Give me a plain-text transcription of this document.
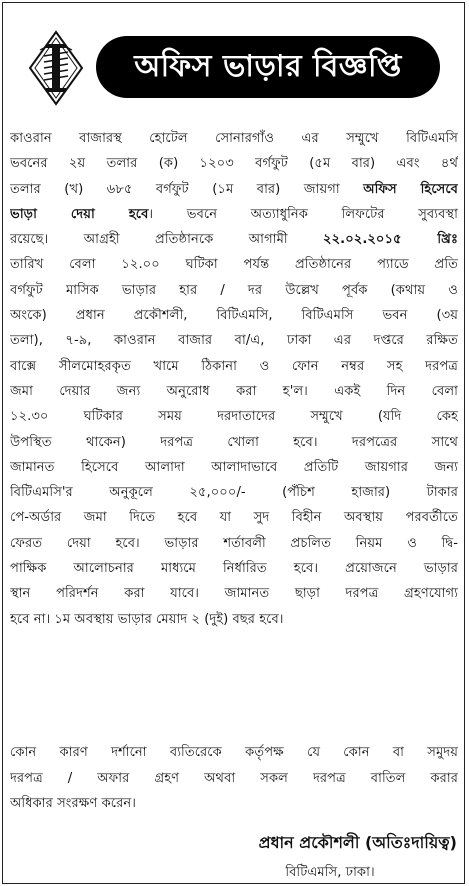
অফিস ভাড়ার বিজ্ঞপ্তি
কাওরান বাজারস্থ হোটেল সোনারগাঁও এর সম্মুখে বিটিএমসি
ভবনের ২য় তলার (ক) ১২০৩ বর্গফুট (৫ম বার) এবং ৪র্থ
তলার (খ) ৬৮৫ বর্গফুট (১ম বার) জায়গা অফিস হিসেবে
ভাড়া দেয়া হবে। ভবনে অত্যাধুনিক লিফটের সুব্যবস্থা
রয়েছে। আগ্রহী প্রতিষ্ঠানকে আগামী ২২.০২.২০১৫ খ্রিঃ
তারিখ বেলা ১২.০০ ঘটিকা পর্যন্ত প্রতিষ্ঠানের প্যাডে প্রতি
বর্গফুট মাসিক ভাড়ার হার / দর উল্লেখ পূর্বক (কথায় ও
অংকে) প্রধান প্রকৌশলী, বিটিএমসি, বিটিএমসি ভবন (৩য়
তলা), ৭-৯, কাওরান বাজার বা/এ, ঢাকা এর দপ্তরে রক্ষিত
বাক্সে সীলমোহরকৃত খামে ঠিকানা ও ফোন নম্বর সহ দরপত্র
জমা দেয়ার জন্য অনুরোধ করা হ'ল। একই দিন বেলা
১২.৩০ ঘটিকার সময় দরদাতাদের সম্মুখে (যদি কেহ
উপস্থিত থাকেন) দরপত্র খোলা হবে। দরপত্রের সাথে
জামানত হিসেবে আলাদা আলাদাভাবে প্রতিটি জায়গার জন্য
বিটিএমসি'র অনুকূলে ২৫,০০০/- (পঁচিশ হাজার) টাকার
পে-অর্ডার জমা দিতে হবে যা সুদ বিহীন অবস্থায় পরবর্তীতে
ফেরত দেয়া হবে। ভাড়ার শর্তাবলী প্রচলিত নিয়ম ও দ্বি-
পাক্ষিক আলোচনার মাধ্যমে নির্ধারিত হবে। প্রয়োজনে ভাড়ার
স্থান পরিদর্শন করা যাবে। জামানত ছাড়া দরপত্র গ্রহণযোগ্য
হবে না। ১ম অবস্থায় ভাড়ার মেয়াদ ২ (দুই) বছর হবে।
কোন কারণ দর্শানো ব্যতিরেকে কর্তৃপক্ষ যে কোন বা সমুদয়
দরপত্র / অফার গ্রহণ অথবা সকল দরপত্র বাতিল করার
অধিকার সংরক্ষণ করেন।
প্রধান প্রকৌশলী (অতিঃদায়িত্ব)
বিটিএমসি, ঢাকা।
